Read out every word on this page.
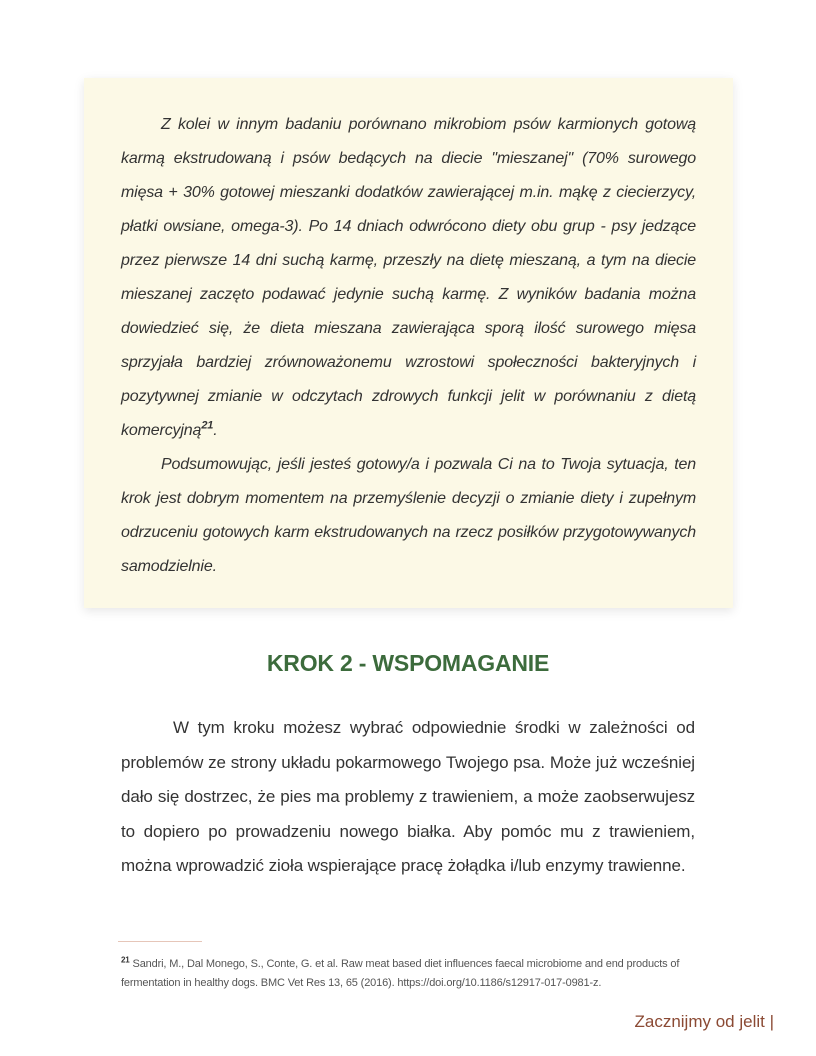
Z kolei w innym badaniu porównano mikrobiom psów karmionych gotową karmą ekstrudowaną i psów bedących na diecie "mieszanej" (70% surowego mięsa + 30% gotowej mieszanki dodatków zawierającej m.in. mąkę z ciecierzycy, płatki owsiane, omega-3). Po 14 dniach odwrócono diety obu grup - psy jedzące przez pierwsze 14 dni suchą karmę, przeszły na dietę mieszaną, a tym na diecie mieszanej zaczęto podawać jedynie suchą karmę. Z wyników badania można dowiedzieć się, że dieta mieszana zawierająca sporą ilość surowego mięsa sprzyjała bardziej zrównoważonemu wzrostowi społeczności bakteryjnych i pozytywnej zmianie w odczytach zdrowych funkcji jelit w porównaniu z dietą komercyjną$^{21}$.

Podsumowując, jeśli jesteś gotowy/a i pozwala Ci na to Twoja sytuacja, ten krok jest dobrym momentem na przemyślenie decyzji o zmianie diety i zupełnym odrzuceniu gotowych karm ekstrudowanych na rzecz posiłków przygotowywanych samodzielnie.

KROK 2 - WSPOMAGANIE

W tym kroku możesz wybrać odpowiednie środki w zależności od problemów ze strony układu pokarmowego Twojego psa. Może już wcześniej dało się dostrzec, że pies ma problemy z trawieniem, a może zaobserwujesz to dopiero po prowadzeniu nowego białka. Aby pomóc mu z trawieniem, można wprowadzić zioła wspierające pracę żołądka i/lub enzymy trawienne.

$^{21}$ Sandri, M., Dal Monego, S., Conte, G. et al. Raw meat based diet influences faecal microbiome and end products of fermentation in healthy dogs. BMC Vet Res 13, 65 (2016). https://doi.org/10.1186/s12917-017-0981-z.

Zacznijmy od jelit |
